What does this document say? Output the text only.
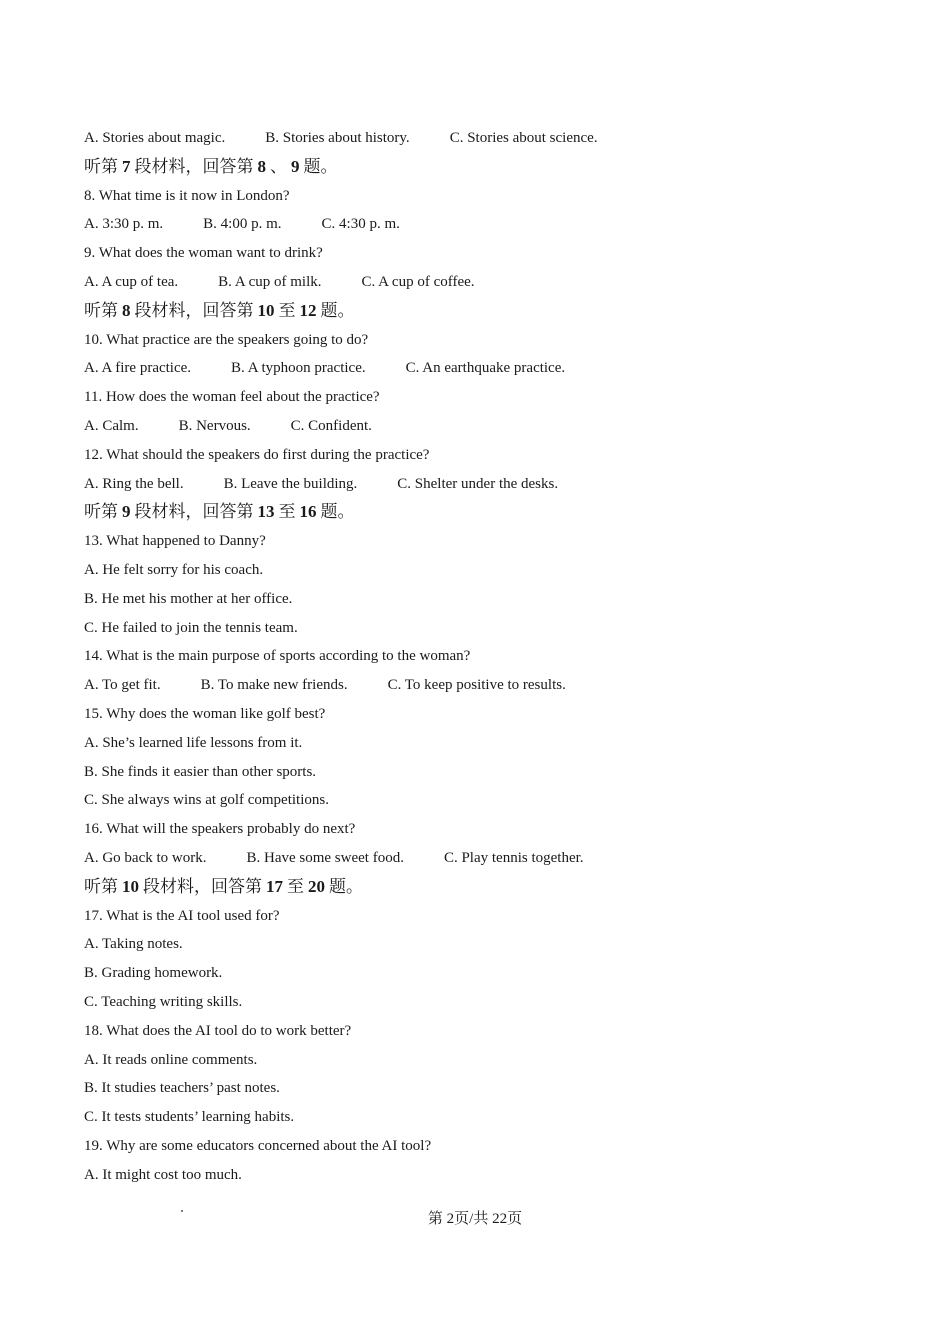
A. Stories about magic.	B. Stories about history.	C. Stories about science.
听第 7 段材料，回答第 8 、 9 题。
8. What time is it now in London?
A. 3:30 p. m.	B. 4:00 p. m.	C. 4:30 p. m.
9. What does the woman want to drink?
A. A cup of tea.	B. A cup of milk.	C. A cup of coffee.
听第 8 段材料，回答第 10 至 12 题。
10. What practice are the speakers going to do?
A. A fire practice.	B. A typhoon practice.	C. An earthquake practice.
11. How does the woman feel about the practice?
A. Calm.	B. Nervous.	C. Confident.
12. What should the speakers do first during the practice?
A. Ring the bell.	B. Leave the building.	C. Shelter under the desks.
听第 9 段材料，回答第 13 至 16 题。
13. What happened to Danny?
A. He felt sorry for his coach.
B. He met his mother at her office.
C. He failed to join the tennis team.
14. What is the main purpose of sports according to the woman?
A. To get fit.	B. To make new friends.	C. To keep positive to results.
15. Why does the woman like golf best?
A. She’s learned life lessons from it.
B. She finds it easier than other sports.
C. She always wins at golf competitions.
16. What will the speakers probably do next?
A. Go back to work.	B. Have some sweet food.	C. Play tennis together.
听第 10 段材料，回答第 17 至 20 题。
17. What is the AI tool used for?
A. Taking notes.
B. Grading homework.
C. Teaching writing skills.
18. What does the AI tool do to work better?
A. It reads online comments.
B. It studies teachers’ past notes.
C. It tests students’ learning habits.
19. Why are some educators concerned about the AI tool?
A. It might cost too much.
第 2页/共 22页
